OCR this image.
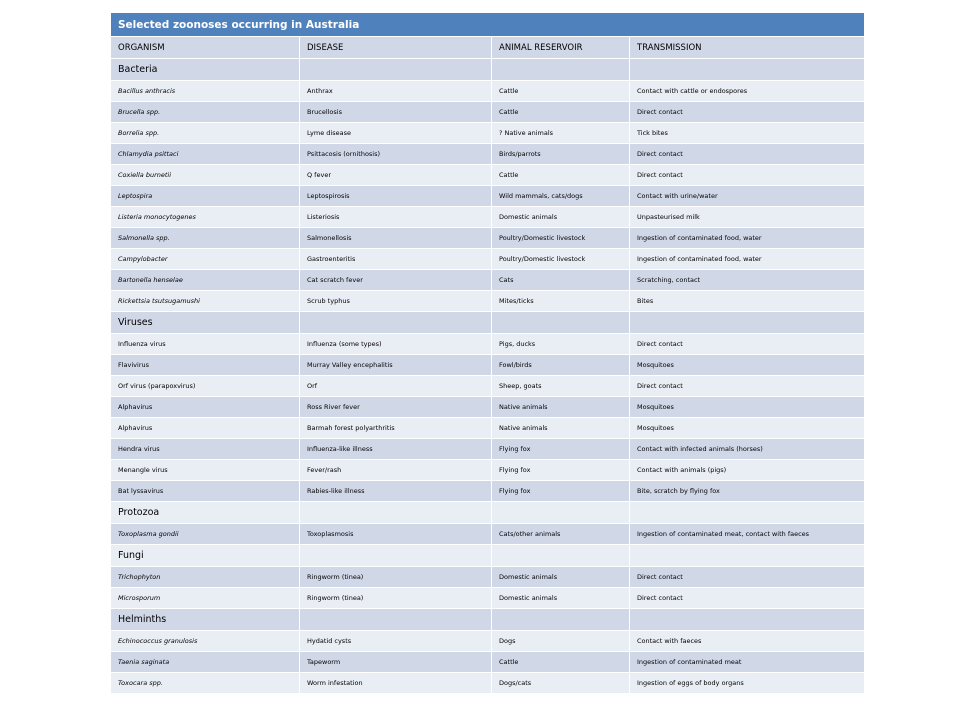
Selected zoonoses occurring in Australia			
ORGANISM	DISEASE	ANIMAL RESERVOIR	TRANSMISSION
Bacteria			
Bacillus anthracis	Anthrax	Cattle	Contact with cattle or endospores
Brucella spp.	Brucellosis	Cattle	Direct contact
Borrelia spp.	Lyme disease	? Native animals	Tick bites
Chlamydia psittaci	Psittacosis (ornithosis)	Birds/parrots	Direct contact
Coxiella burnetii	Q fever	Cattle	Direct contact
Leptospira	Leptospirosis	Wild mammals, cats/dogs	Contact with urine/water
Listeria monocytogenes	Listeriosis	Domestic animals	Unpasteurised milk
Salmonella spp.	Salmonellosis	Poultry/Domestic livestock	Ingestion of contaminated food, water
Campylobacter	Gastroenteritis	Poultry/Domestic livestock	Ingestion of contaminated food, water
Bartonella henselae	Cat scratch fever	Cats	Scratching, contact
Rickettsia tsutsugamushi	Scrub typhus	Mites/ticks	Bites
Viruses			
Influenza virus	Influenza (some types)	Pigs, ducks	Direct contact
Flavivirus	Murray Valley encephalitis	Fowl/birds	Mosquitoes
Orf virus (parapoxvirus)	Orf	Sheep, goats	Direct contact
Alphavirus	Ross River fever	Native animals	Mosquitoes
Alphavirus	Barmah forest polyarthritis	Native animals	Mosquitoes
Hendra virus	Influenza-like illness	Flying fox	Contact with infected animals (horses)
Menangle virus	Fever/rash	Flying fox	Contact with animals (pigs)
Bat lyssavirus	Rabies-like illness	Flying fox	Bite, scratch by flying fox
Protozoa			
Toxoplasma gondii	Toxoplasmosis	Cats/other animals	Ingestion of contaminated meat, contact with faeces
Fungi			
Trichophyton	Ringworm (tinea)	Domestic animals	Direct contact
Microsporum	Ringworm (tinea)	Domestic animals	Direct contact
Helminths			
Echinococcus granulosis	Hydatid cysts	Dogs	Contact with faeces
Taenia saginata	Tapeworm	Cattle	Ingestion of contaminated meat
Toxocara spp.	Worm infestation	Dogs/cats	Ingestion of eggs of body organs
